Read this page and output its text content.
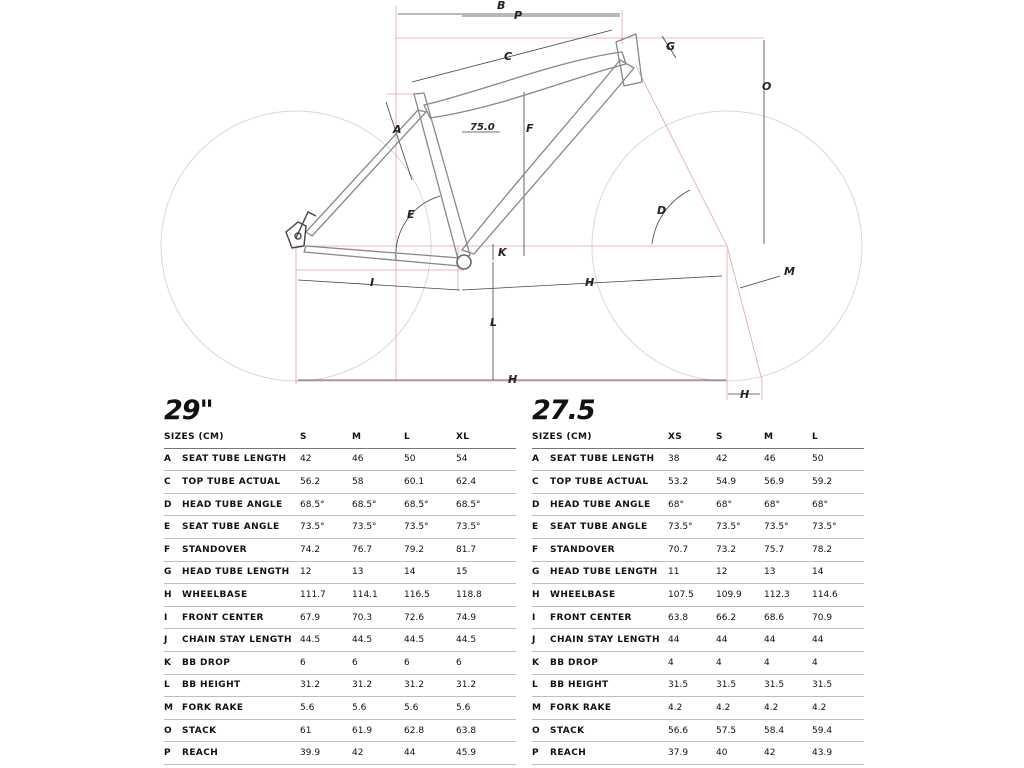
B
P
C
G
O
A	75.0	F
D
E
K
I	H
M
L
H
H
29"
SIZES (CM)	S	M	L	XL
A	SEAT TUBE LENGTH	42	46	50	54
C	TOP TUBE ACTUAL	56.2	58	60.1	62.4
D	HEAD TUBE ANGLE	68.5°	68.5°	68.5°	68.5°
E	SEAT TUBE ANGLE	73.5°	73.5°	73.5°	73.5°
F	STANDOVER	74.2	76.7	79.2	81.7
G	HEAD TUBE LENGTH	12	13	14	15
H	WHEELBASE	111.7	114.1	116.5	118.8
I	FRONT CENTER	67.9	70.3	72.6	74.9
J	CHAIN STAY LENGTH 44.5	44.5	44.5	44.5
K	BB DROP	6	6	6	6
L	BB HEIGHT	31.2	31.2	31.2	31.2
M	FORK RAKE	5.6	5.6	5.6	5.6
O	STACK	61	61.9	62.8	63.8
P	REACH	39.9	42	44	45.9
27.5
SIZES (CM)	XS	S	M	L
A	SEAT TUBE LENGTH	38	42	46	50
C	TOP TUBE ACTUAL	53.2	54.9	56.9	59.2
D	HEAD TUBE ANGLE	68°	68°	68°	68°
E	SEAT TUBE ANGLE	73.5°	73.5°	73.5°	73.5°
F	STANDOVER	70.7	73.2	75.7	78.2
G	HEAD TUBE LENGTH	11	12	13	14
H	WHEELBASE	107.5	109.9	112.3	114.6
I	FRONT CENTER	63.8	66.2	68.6	70.9
J	CHAIN STAY LENGTH 44	44	44	44
K	BB DROP	4	4	4	4
L	BB HEIGHT	31.5	31.5	31.5	31.5
M	FORK RAKE	4.2	4.2	4.2	4.2
O	STACK	56.6	57.5	58.4	59.4
P	REACH	37.9	40	42	43.9
